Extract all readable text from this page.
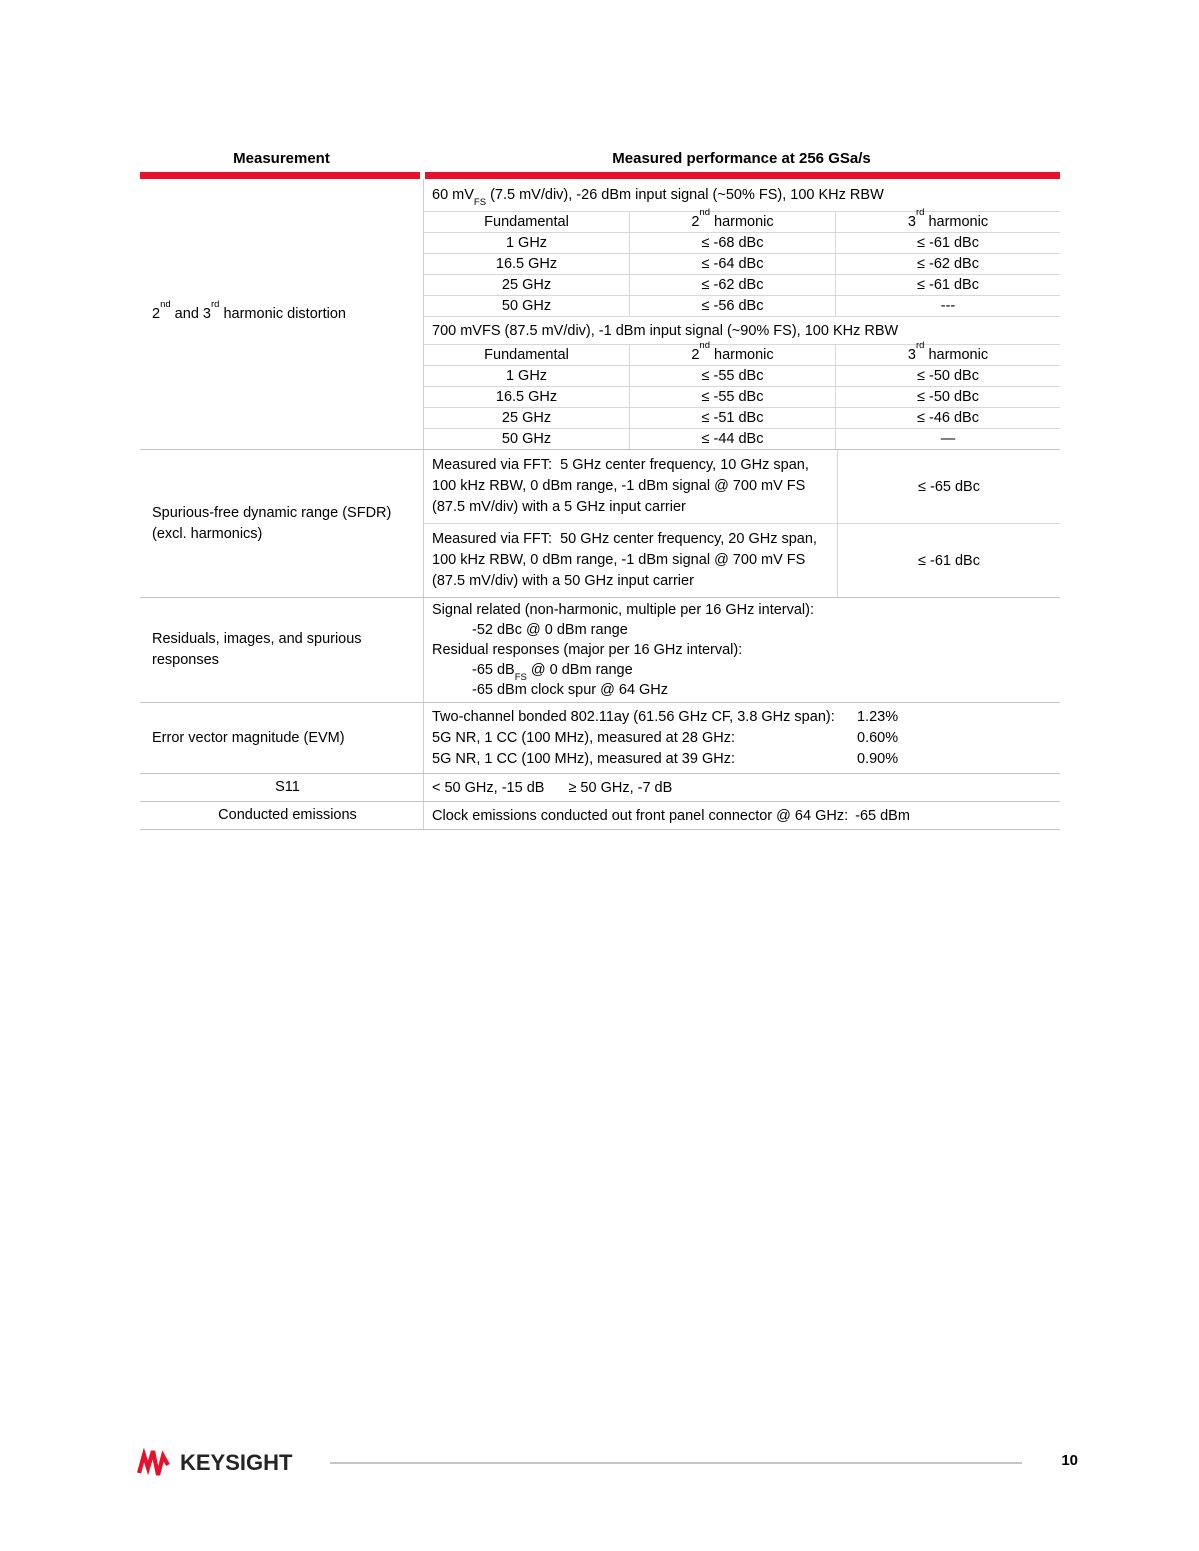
Measurement	Measured performance at 256 GSa/s
2nd and 3rd harmonic distortion
60 $mV_{FS}$ (7.5 mV/div), -26 dBm input signal (~50% FS), 100 KHz RBW
Fundamental	2nd harmonic	3rd harmonic
1 GHz	≤ -68 dBc	≤ -61 dBc
16.5 GHz	≤ -64 dBc	≤ -62 dBc
25 GHz	≤ -62 dBc	≤ -61 dBc
50 GHz	≤ -56 dBc	---
700 mVFS (87.5 mV/div), -1 dBm input signal (~90% FS), 100 KHz RBW
Fundamental	2nd harmonic	3rd harmonic
1 GHz	≤ -55 dBc	≤ -50 dBc
16.5 GHz	≤ -55 dBc	≤ -50 dBc
25 GHz	≤ -51 dBc	≤ -46 dBc
50 GHz	≤ -44 dBc	—
Spurious-free dynamic range (SFDR)
(excl. harmonics)
Measured via FFT:  5 GHz center frequency, 10 GHz span, 100 kHz RBW, 0 dBm range, -1 dBm signal @ 700 mV FS (87.5 mV/div) with a 5 GHz input carrier
≤ -65 dBc
Measured via FFT:  50 GHz center frequency, 20 GHz span, 100 kHz RBW, 0 dBm range, -1 dBm signal @ 700 mV FS (87.5 mV/div) with a 50 GHz input carrier
≤ -61 dBc
Residuals, images, and spurious
responses
Signal related (non-harmonic, multiple per 16 GHz interval):
-52 dBc @ 0 dBm range
Residual responses (major per 16 GHz interval):
-65 $dB_{FS}$ @ 0 dBm range
-65 dBm clock spur @ 64 GHz
Error vector magnitude (EVM)
Two-channel bonded 802.11ay (61.56 GHz CF, 3.8 GHz span):	1.23%
5G NR, 1 CC (100 MHz), measured at 28 GHz:	0.60%
5G NR, 1 CC (100 MHz), measured at 39 GHz:	0.90%
S11	< 50 GHz, -15 dB ≥ 50 GHz, -7 dB
Conducted emissions	Clock emissions conducted out front panel connector @ 64 GHz: -65 dBm
KEYSIGHT	10
